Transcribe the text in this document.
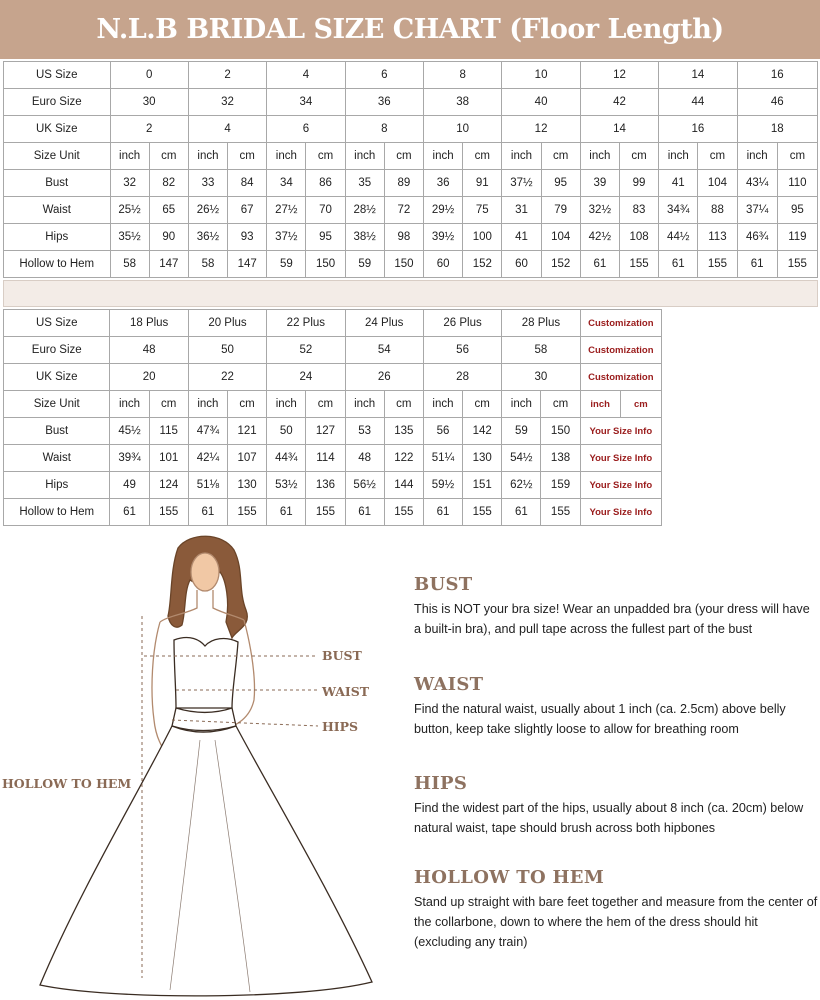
N.L.B BRIDAL SIZE CHART (Floor Length)
US Size	0		2		4		6		8		10		12		14		16	
Euro Size	30		32		34		36		38		40		42		44		46	
UK Size	2		4		6		8		10		12		14		16		18	
Size Unit	inch	cm	inch	cm	inch	cm	inch	cm	inch	cm	inch	cm	inch	cm	inch	cm	inch	cm
Bust	32	82	33	84	34	86	35	89	36	91	37½	95	39	99	41	104	43¼	110
Waist	25½	65	26½	67	27½	70	28½	72	29½	75	31	79	32½	83	34¾	88	37¼	95
Hips	35½	90	36½	93	37½	95	38½	98	39½	100	41	104	42½	108	44½	113	46¾	119
Hollow to Hem	58	147	58	147	59	150	59	150	60	152	60	152	61	155	61	155	61	155
US Size	18 Plus		20 Plus		22 Plus		24 Plus		26 Plus		28 Plus		Customization	
Euro Size	48		50		52		54		56		58		Customization	
UK Size	20		22		24		26		28		30		Customization	
Size Unit	inch	cm	inch	cm	inch	cm	inch	cm	inch	cm	inch	cm	inch	cm
Bust	45½	115	47¾	121	50	127	53	135	56	142	59	150	Your Size Info	
Waist	39¾	101	42¼	107	44¾	114	48	122	51¼	130	54½	138	Your Size Info	
Hips	49	124	51⅛	130	53½	136	56½	144	59½	151	62½	159	Your Size Info	
Hollow to Hem	61	155	61	155	61	155	61	155	61	155	61	155	Your Size Info	
BUST
WAIST
HIPS
HOLLOW TO HEM
BUST
This is NOT your bra size! Wear an unpadded bra (your dress will have a built-in bra), and pull tape across the fullest part of the bust
WAIST
Find the natural waist, usually about 1 inch (ca. 2.5cm) above belly button, keep take slightly loose to allow for breathing room
HIPS
Find the widest part of the hips, usually about 8 inch (ca. 20cm) below natural waist, tape should brush across both hipbones
HOLLOW TO HEM
Stand up straight with bare feet together and measure from the center of the collarbone, down to where the hem of the dress should hit (excluding any train)
